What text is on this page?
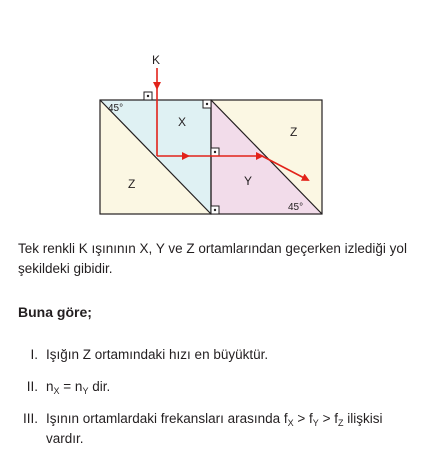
K
45°
45°
X
Z
Z
Y
Tek renkli K ışınının X, Y ve Z ortamlarından geçerken izlediği yol şekildeki gibidir.
Buna göre;
I. Işığın Z ortamındaki hızı en büyüktür.
II. $n_X = n_Y$ dir.
III. Işının ortamlardaki frekansları arasında $f_X > f_Y > f_Z$ ilişkisi vardır.
